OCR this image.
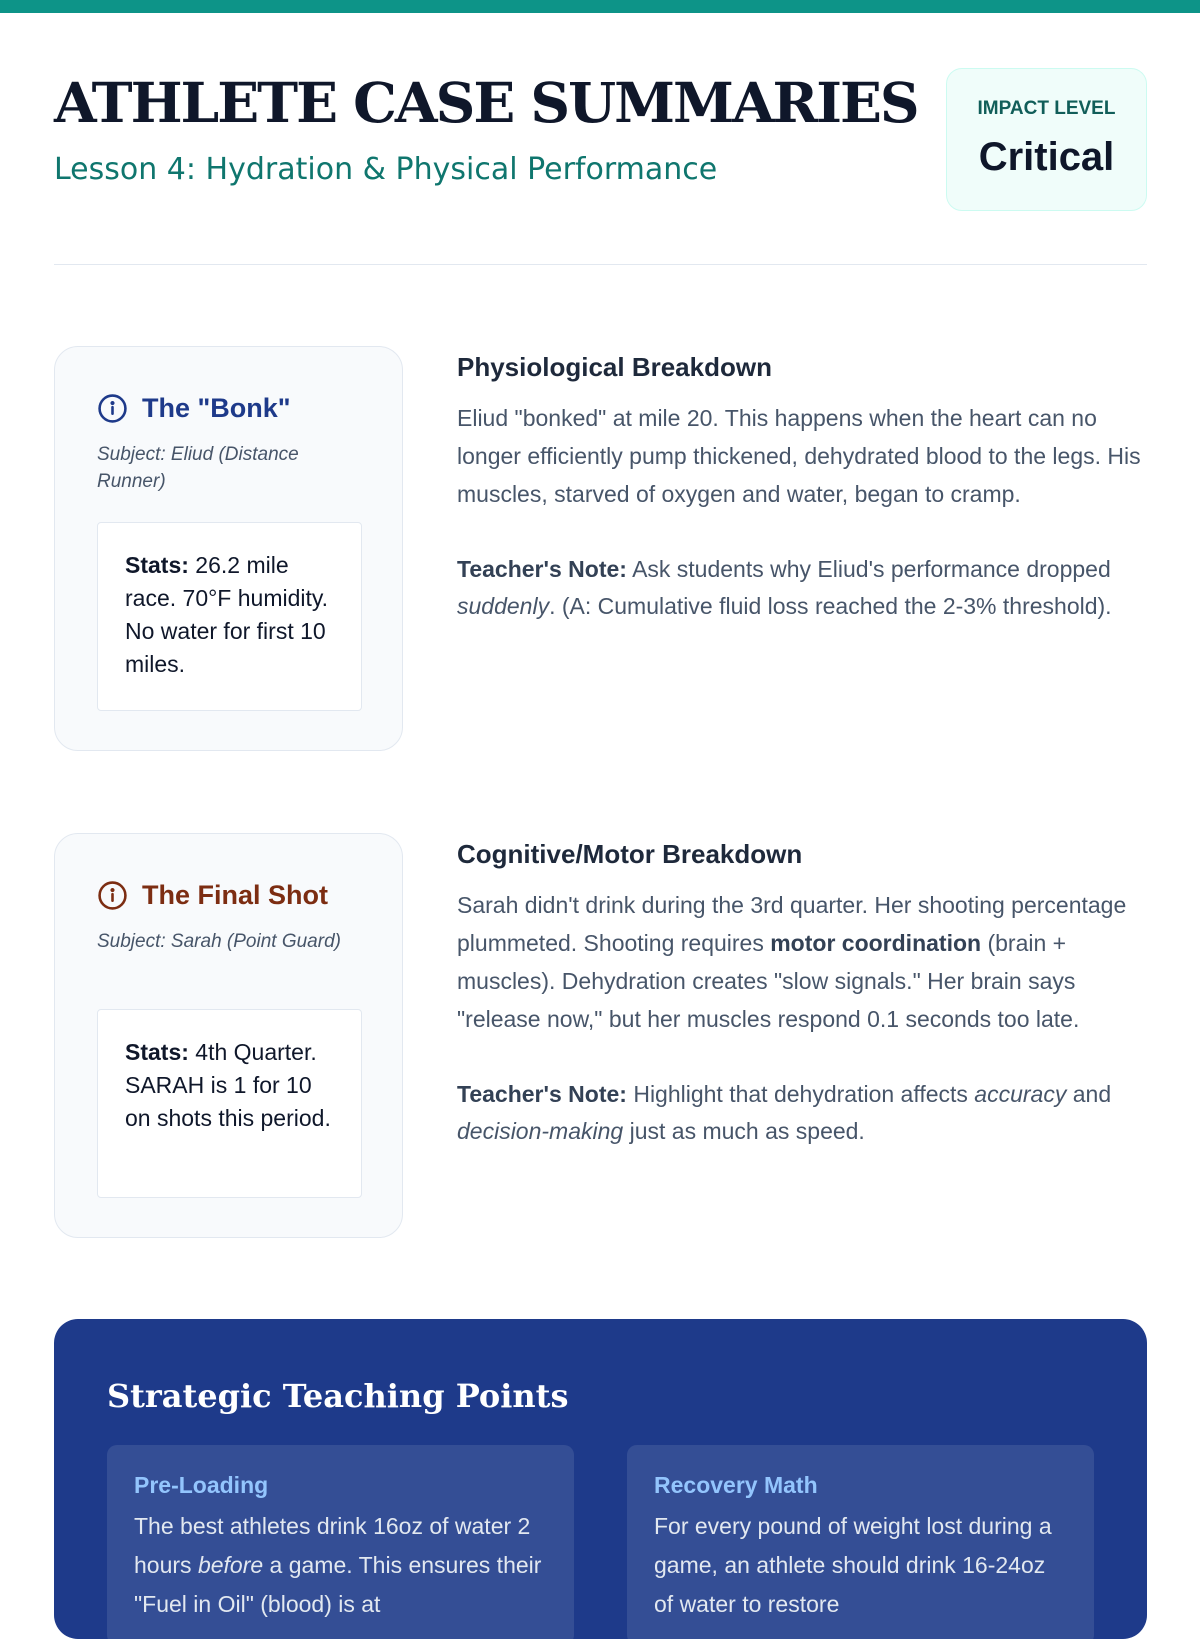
ATHLETE CASE SUMMARIES
Lesson 4: Hydration & Physical Performance
IMPACT LEVEL
Critical
The "Bonk"
Subject: Eliud (Distance Runner)
Stats: 26.2 mile race. 70°F humidity. No water for first 10 miles.
Physiological Breakdown

Eliud "bonked" at mile 20. This happens when the heart can no longer efficiently pump thickened, dehydrated blood to the legs. His muscles, starved of oxygen and water, began to cramp.

Teacher's Note: Ask students why Eliud's performance dropped suddenly. (A: Cumulative fluid loss reached the 2-3% threshold).

The Final Shot
Subject: Sarah (Point Guard)
Stats: 4th Quarter. SARAH is 1 for 10 on shots this period.
Cognitive/Motor Breakdown

Sarah didn't drink during the 3rd quarter. Her shooting percentage plummeted. Shooting requires motor coordination (brain + muscles). Dehydration creates "slow signals." Her brain says "release now," but her muscles respond 0.1 seconds too late.

Teacher's Note: Highlight that dehydration affects accuracy and decision-making just as much as speed.

Strategic Teaching Points
Pre-Loading

The best athletes drink 16oz of water 2 hours before a game. This ensures their "Fuel in Oil" (blood) is at

Recovery Math

For every pound of weight lost during a game, an athlete should drink 16-24oz of water to restore
